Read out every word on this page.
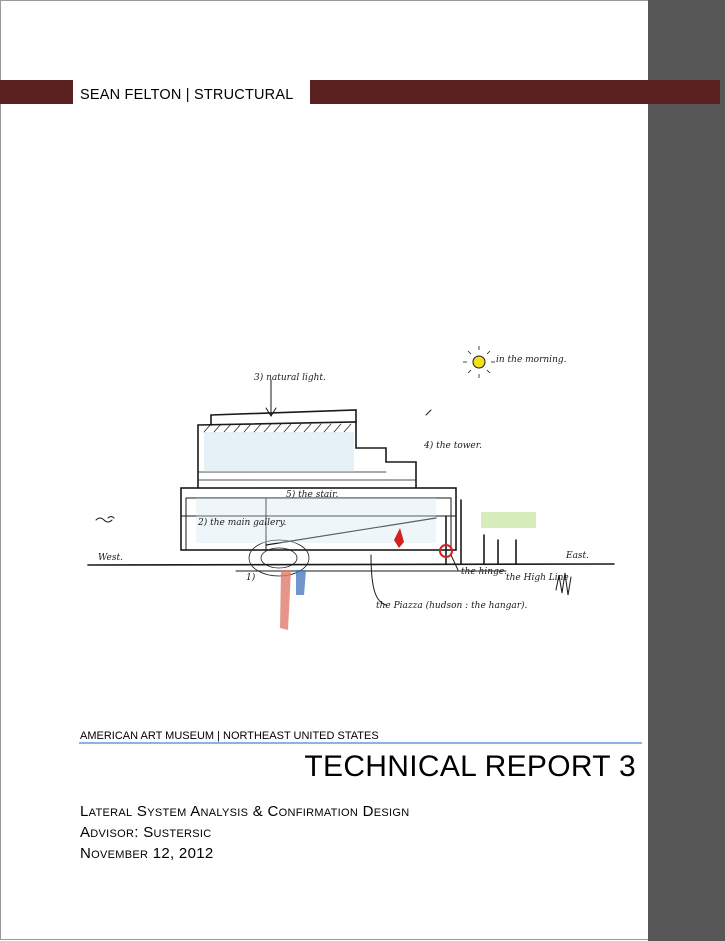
SEAN FELTON | STRUCTURAL
3) natural light.
in the morning.
4) the tower.
5) the stair.
2) the main gallery.
1)
West.	East.
the hinge.
the High Line
the Piazza (hudson : the hangar).
AMERICAN ART MUSEUM | NORTHEAST UNITED STATES
TECHNICAL REPORT 3
Lateral System Analysis & Confirmation Design
Advisor: Sustersic
November 12, 2012
